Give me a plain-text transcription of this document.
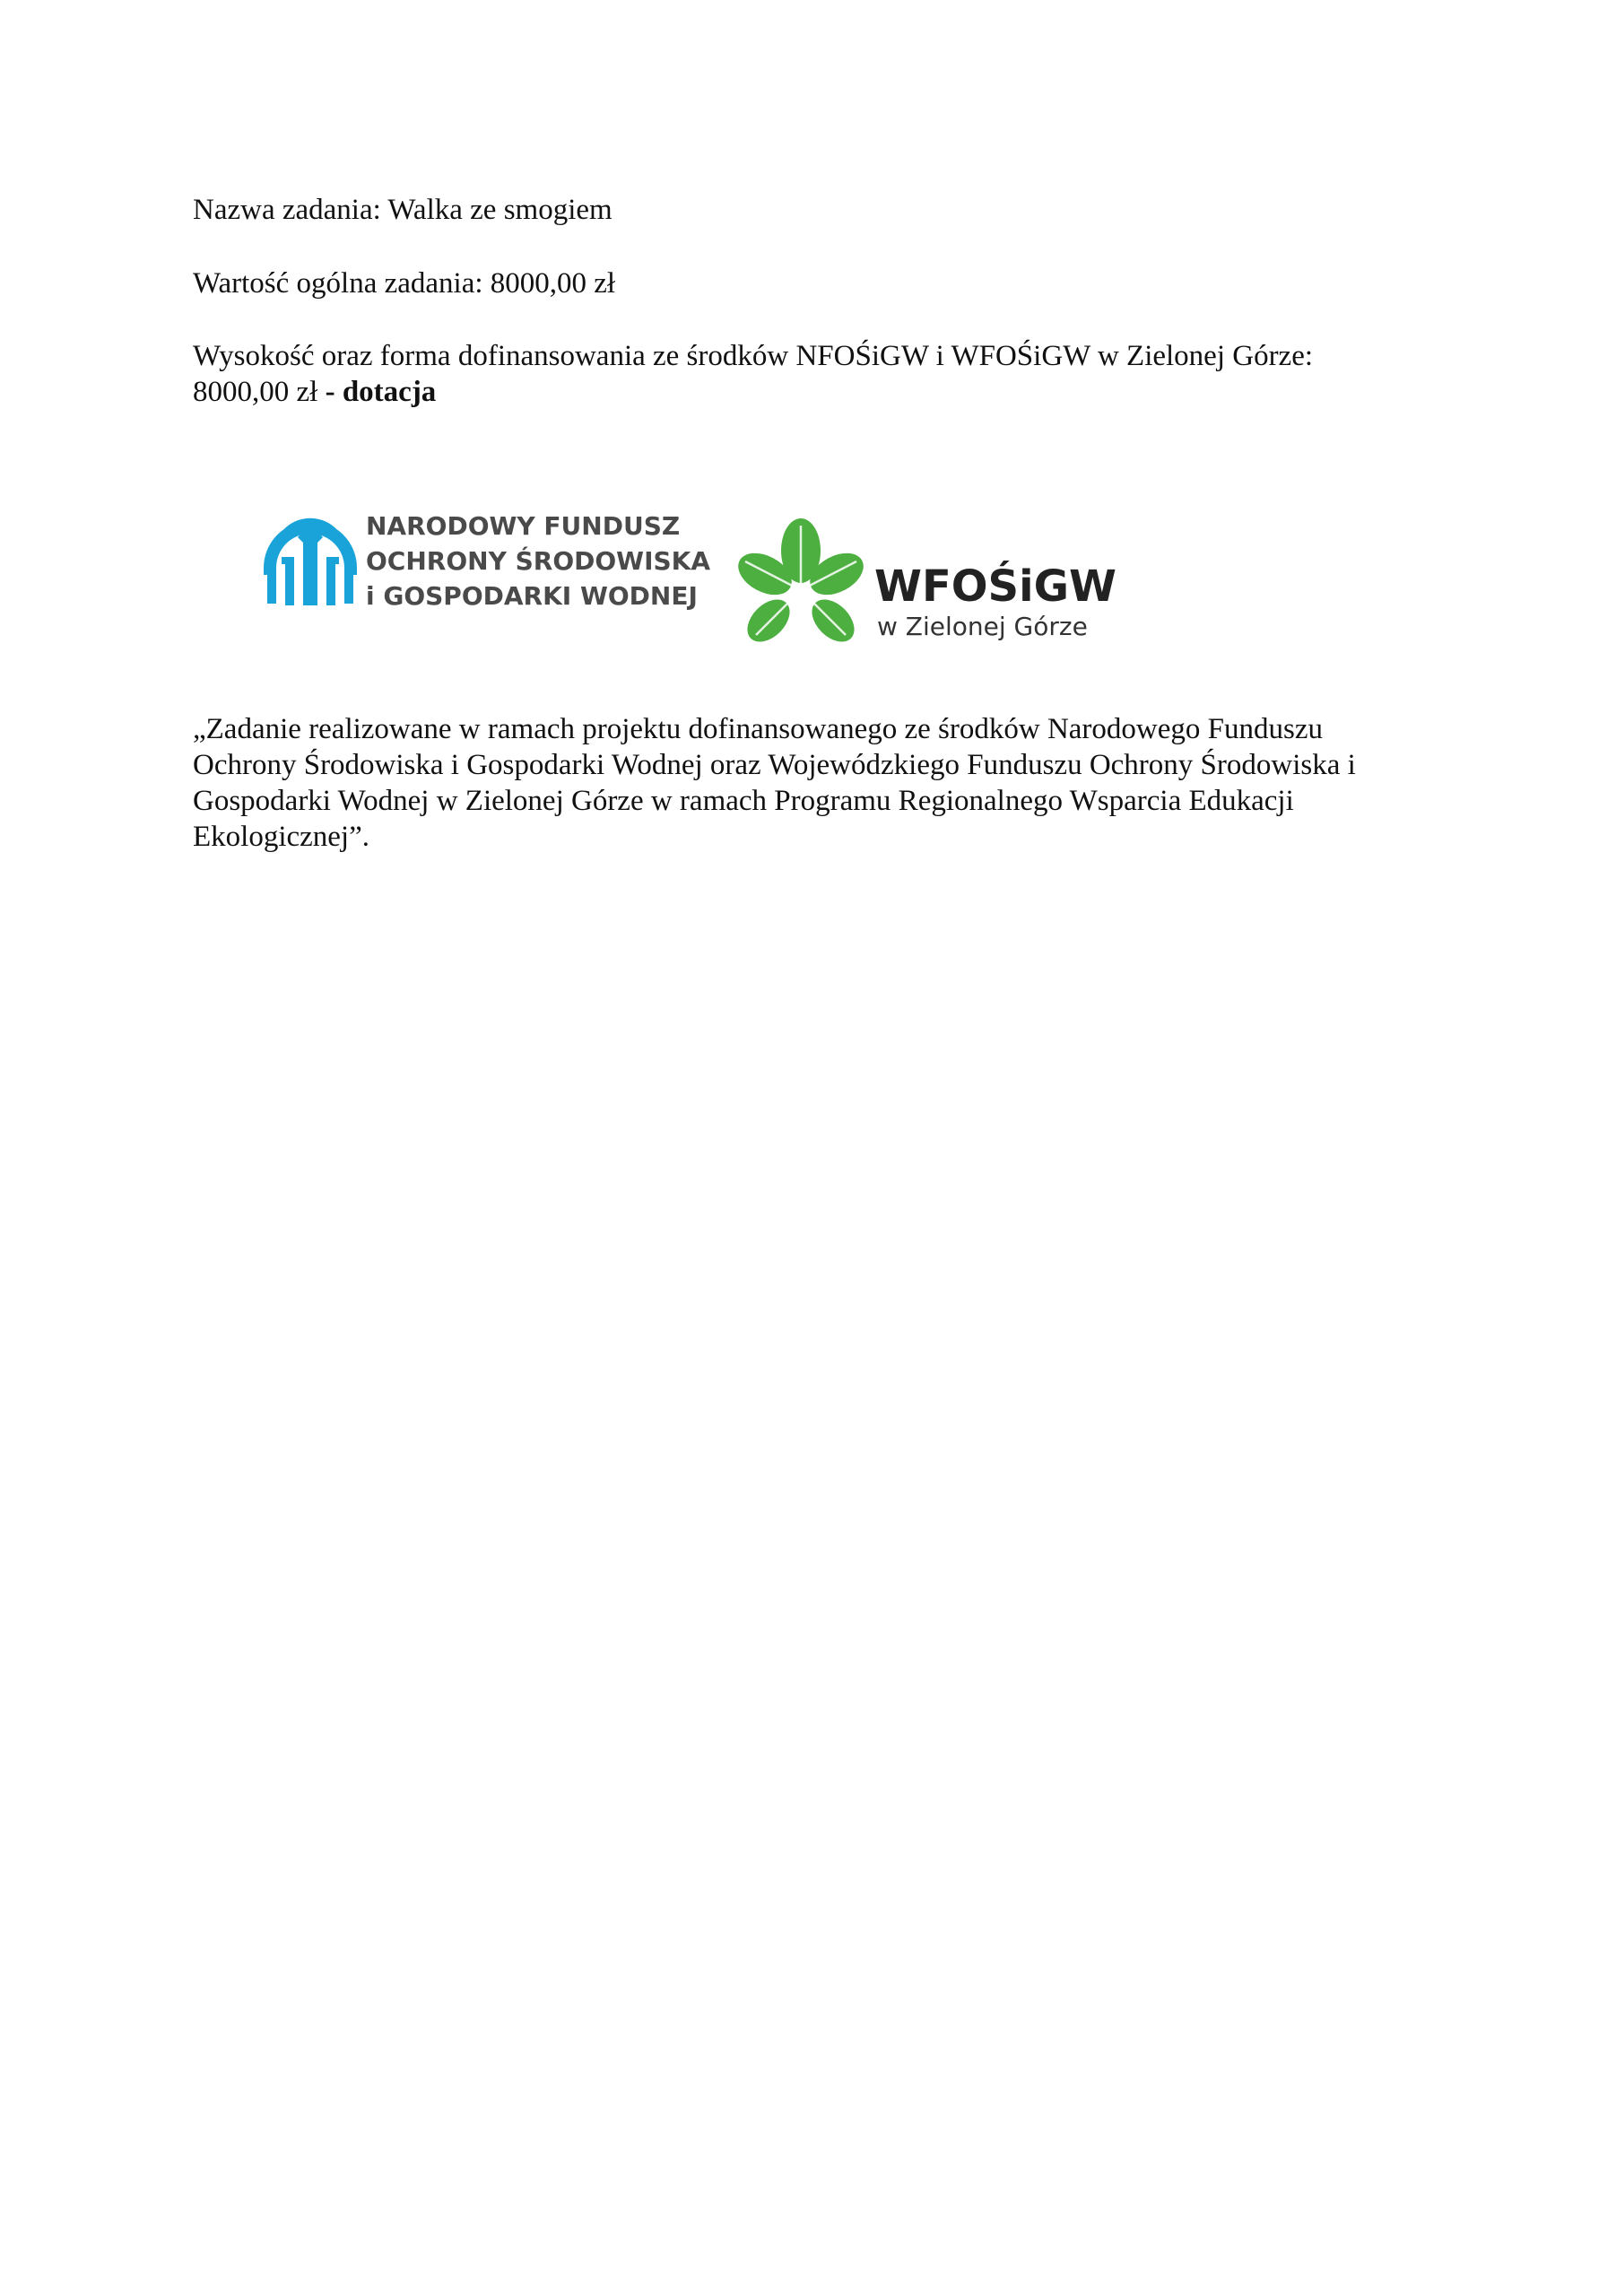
Nazwa zadania: Walka ze smogiem

Wartość ogólna zadania: 8000,00 zł

Wysokość oraz forma dofinansowania ze środków NFOŚiGW i WFOŚiGW w Zielonej Górze:
8000,00 zł - dotacja

NARODOWY FUNDUSZ
OCHRONY ŚRODOWISKA
i GOSPODARKI WODNEJ	WFOŚiGW
w Zielonej Górze

„Zadanie realizowane w ramach projektu dofinansowanego ze środków Narodowego Funduszu Ochrony Środowiska i Gospodarki Wodnej oraz Wojewódzkiego Funduszu Ochrony Środowiska i Gospodarki Wodnej w Zielonej Górze w ramach Programu Regionalnego Wsparcia Edukacji Ekologicznej”.
